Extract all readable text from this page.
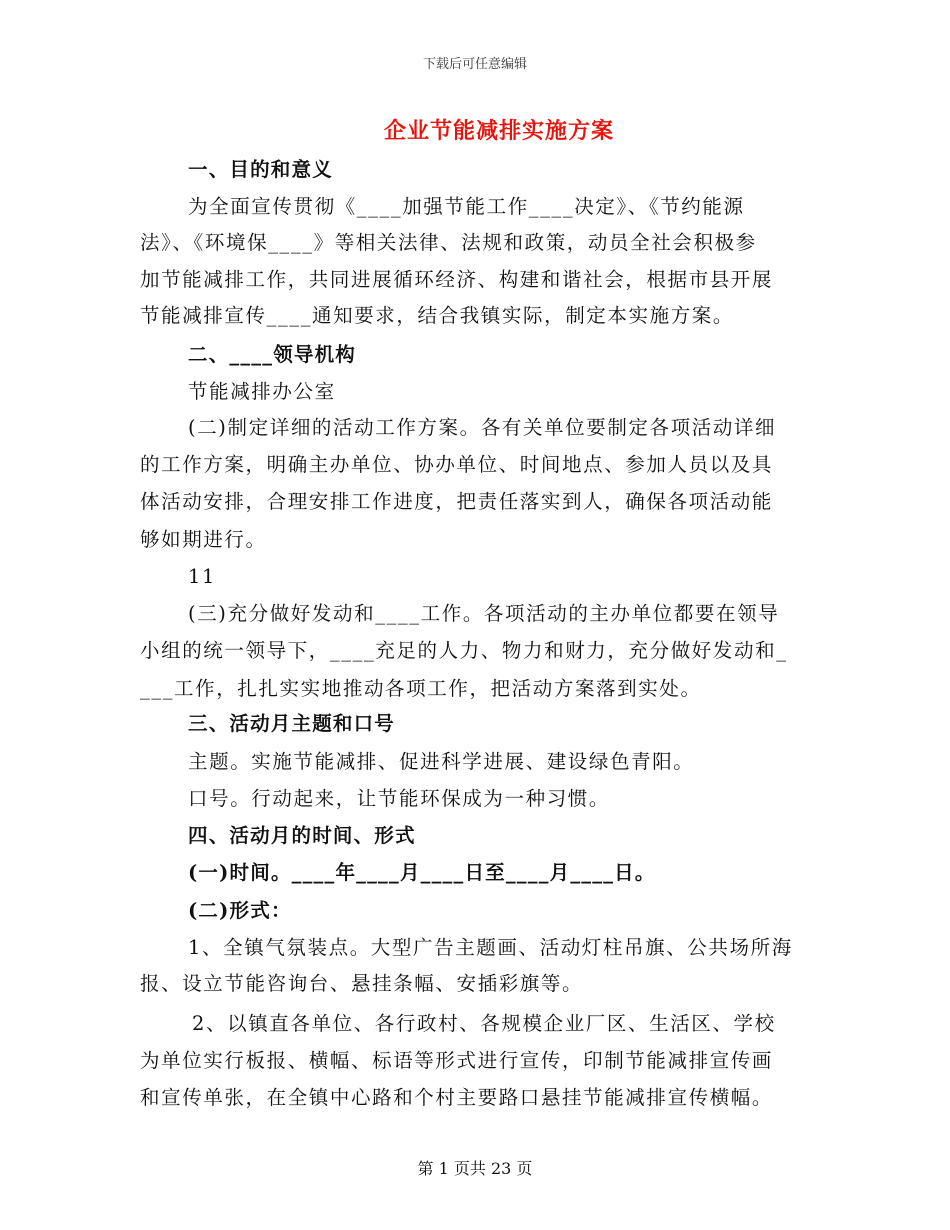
下载后可任意编辑
企业节能减排实施方案
一、目的和意义
为全面宣传贯彻《____加强节能工作____决定》、《节约能源
法》、《环境保____》等相关法律、法规和政策，动员全社会积极参
加节能减排工作，共同进展循环经济、构建和谐社会，根据市县开展
节能减排宣传____通知要求，结合我镇实际，制定本实施方案。
二、____领导机构
节能减排办公室
(二)制定详细的活动工作方案。各有关单位要制定各项活动详细
的工作方案，明确主办单位、协办单位、时间地点、参加人员以及具
体活动安排，合理安排工作进度，把责任落实到人，确保各项活动能
够如期进行。
11
(三)充分做好发动和____工作。各项活动的主办单位都要在领导
小组的统一领导下，____充足的人力、物力和财力，充分做好发动和_
___工作，扎扎实实地推动各项工作，把活动方案落到实处。
三、活动月主题和口号
主题。实施节能减排、促进科学进展、建设绿色青阳。
口号。行动起来，让节能环保成为一种习惯。
四、活动月的时间、形式
(一)时间。____年____月____日至____月____日。
(二)形式：
1、全镇气氛装点。大型广告主题画、活动灯柱吊旗、公共场所海
报、设立节能咨询台、悬挂条幅、安插彩旗等。
2、以镇直各单位、各行政村、各规模企业厂区、生活区、学校
为单位实行板报、横幅、标语等形式进行宣传，印制节能减排宣传画
和宣传单张，在全镇中心路和个村主要路口悬挂节能减排宣传横幅。
第 1 页共 23 页
